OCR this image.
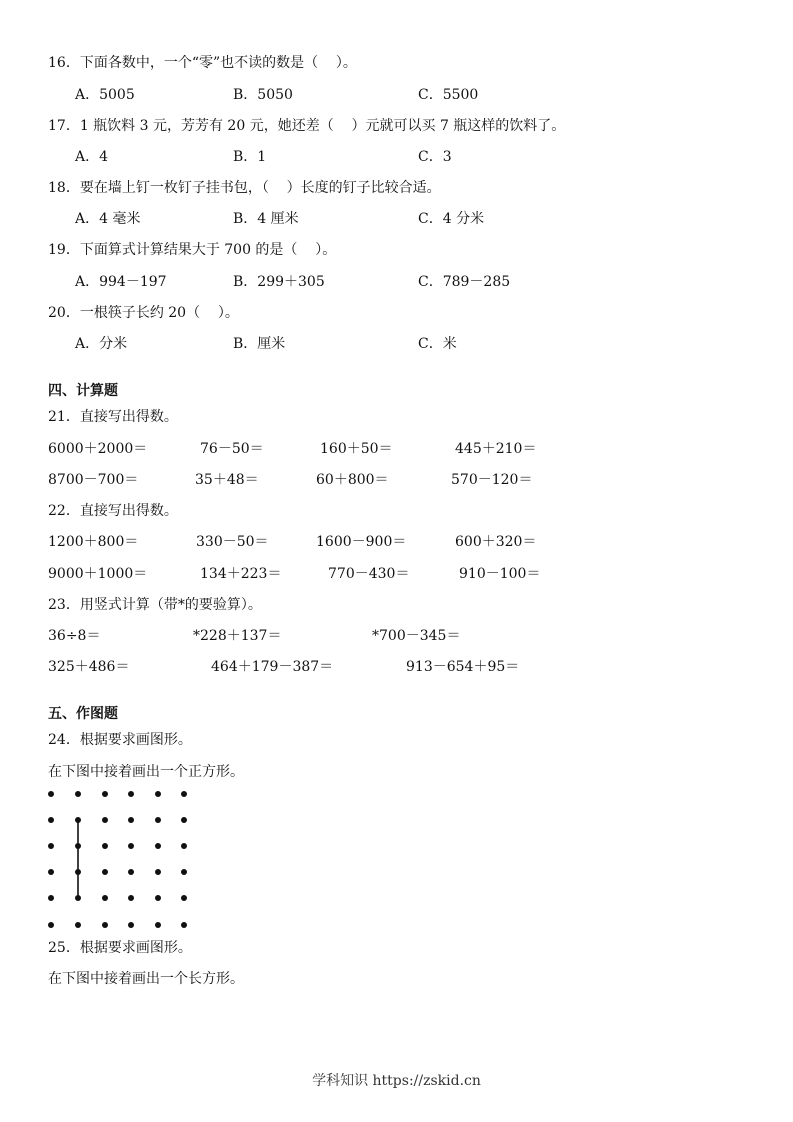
16．下面各数中，一个“零”也不读的数是（    ）。
A．5005	B．5050	C．5500
17．1 瓶饮料 3 元，芳芳有 20 元，她还差（    ）元就可以买 7 瓶这样的饮料了。
A．4	B．1	C．3
18．要在墙上钉一枚钉子挂书包，（    ）长度的钉子比较合适。
A．4 毫米	B．4 厘米	C．4 分米
19．下面算式计算结果大于 700 的是（    ）。
A．994－197	B．299＋305	C．789－285
20．一根筷子长约 20（    ）。
A．分米	B．厘米	C．米
四、计算题
21．直接写出得数。
6000＋2000＝	76－50＝	160＋50＝	445＋210＝
8700－700＝	35＋48＝	60＋800＝	570－120＝
22．直接写出得数。
1200＋800＝	330－50＝	1600－900＝	600＋320＝
9000＋1000＝	134＋223＝	770－430＝	910－100＝
23．用竖式计算（带*的要验算）。
36÷8＝	*228＋137＝	*700－345＝
325＋486＝	464＋179－387＝	913－654＋95＝
五、作图题
24．根据要求画图形。
在下图中接着画出一个正方形。
25．根据要求画图形。
在下图中接着画出一个长方形。
学科知识 https://zskid.cn
